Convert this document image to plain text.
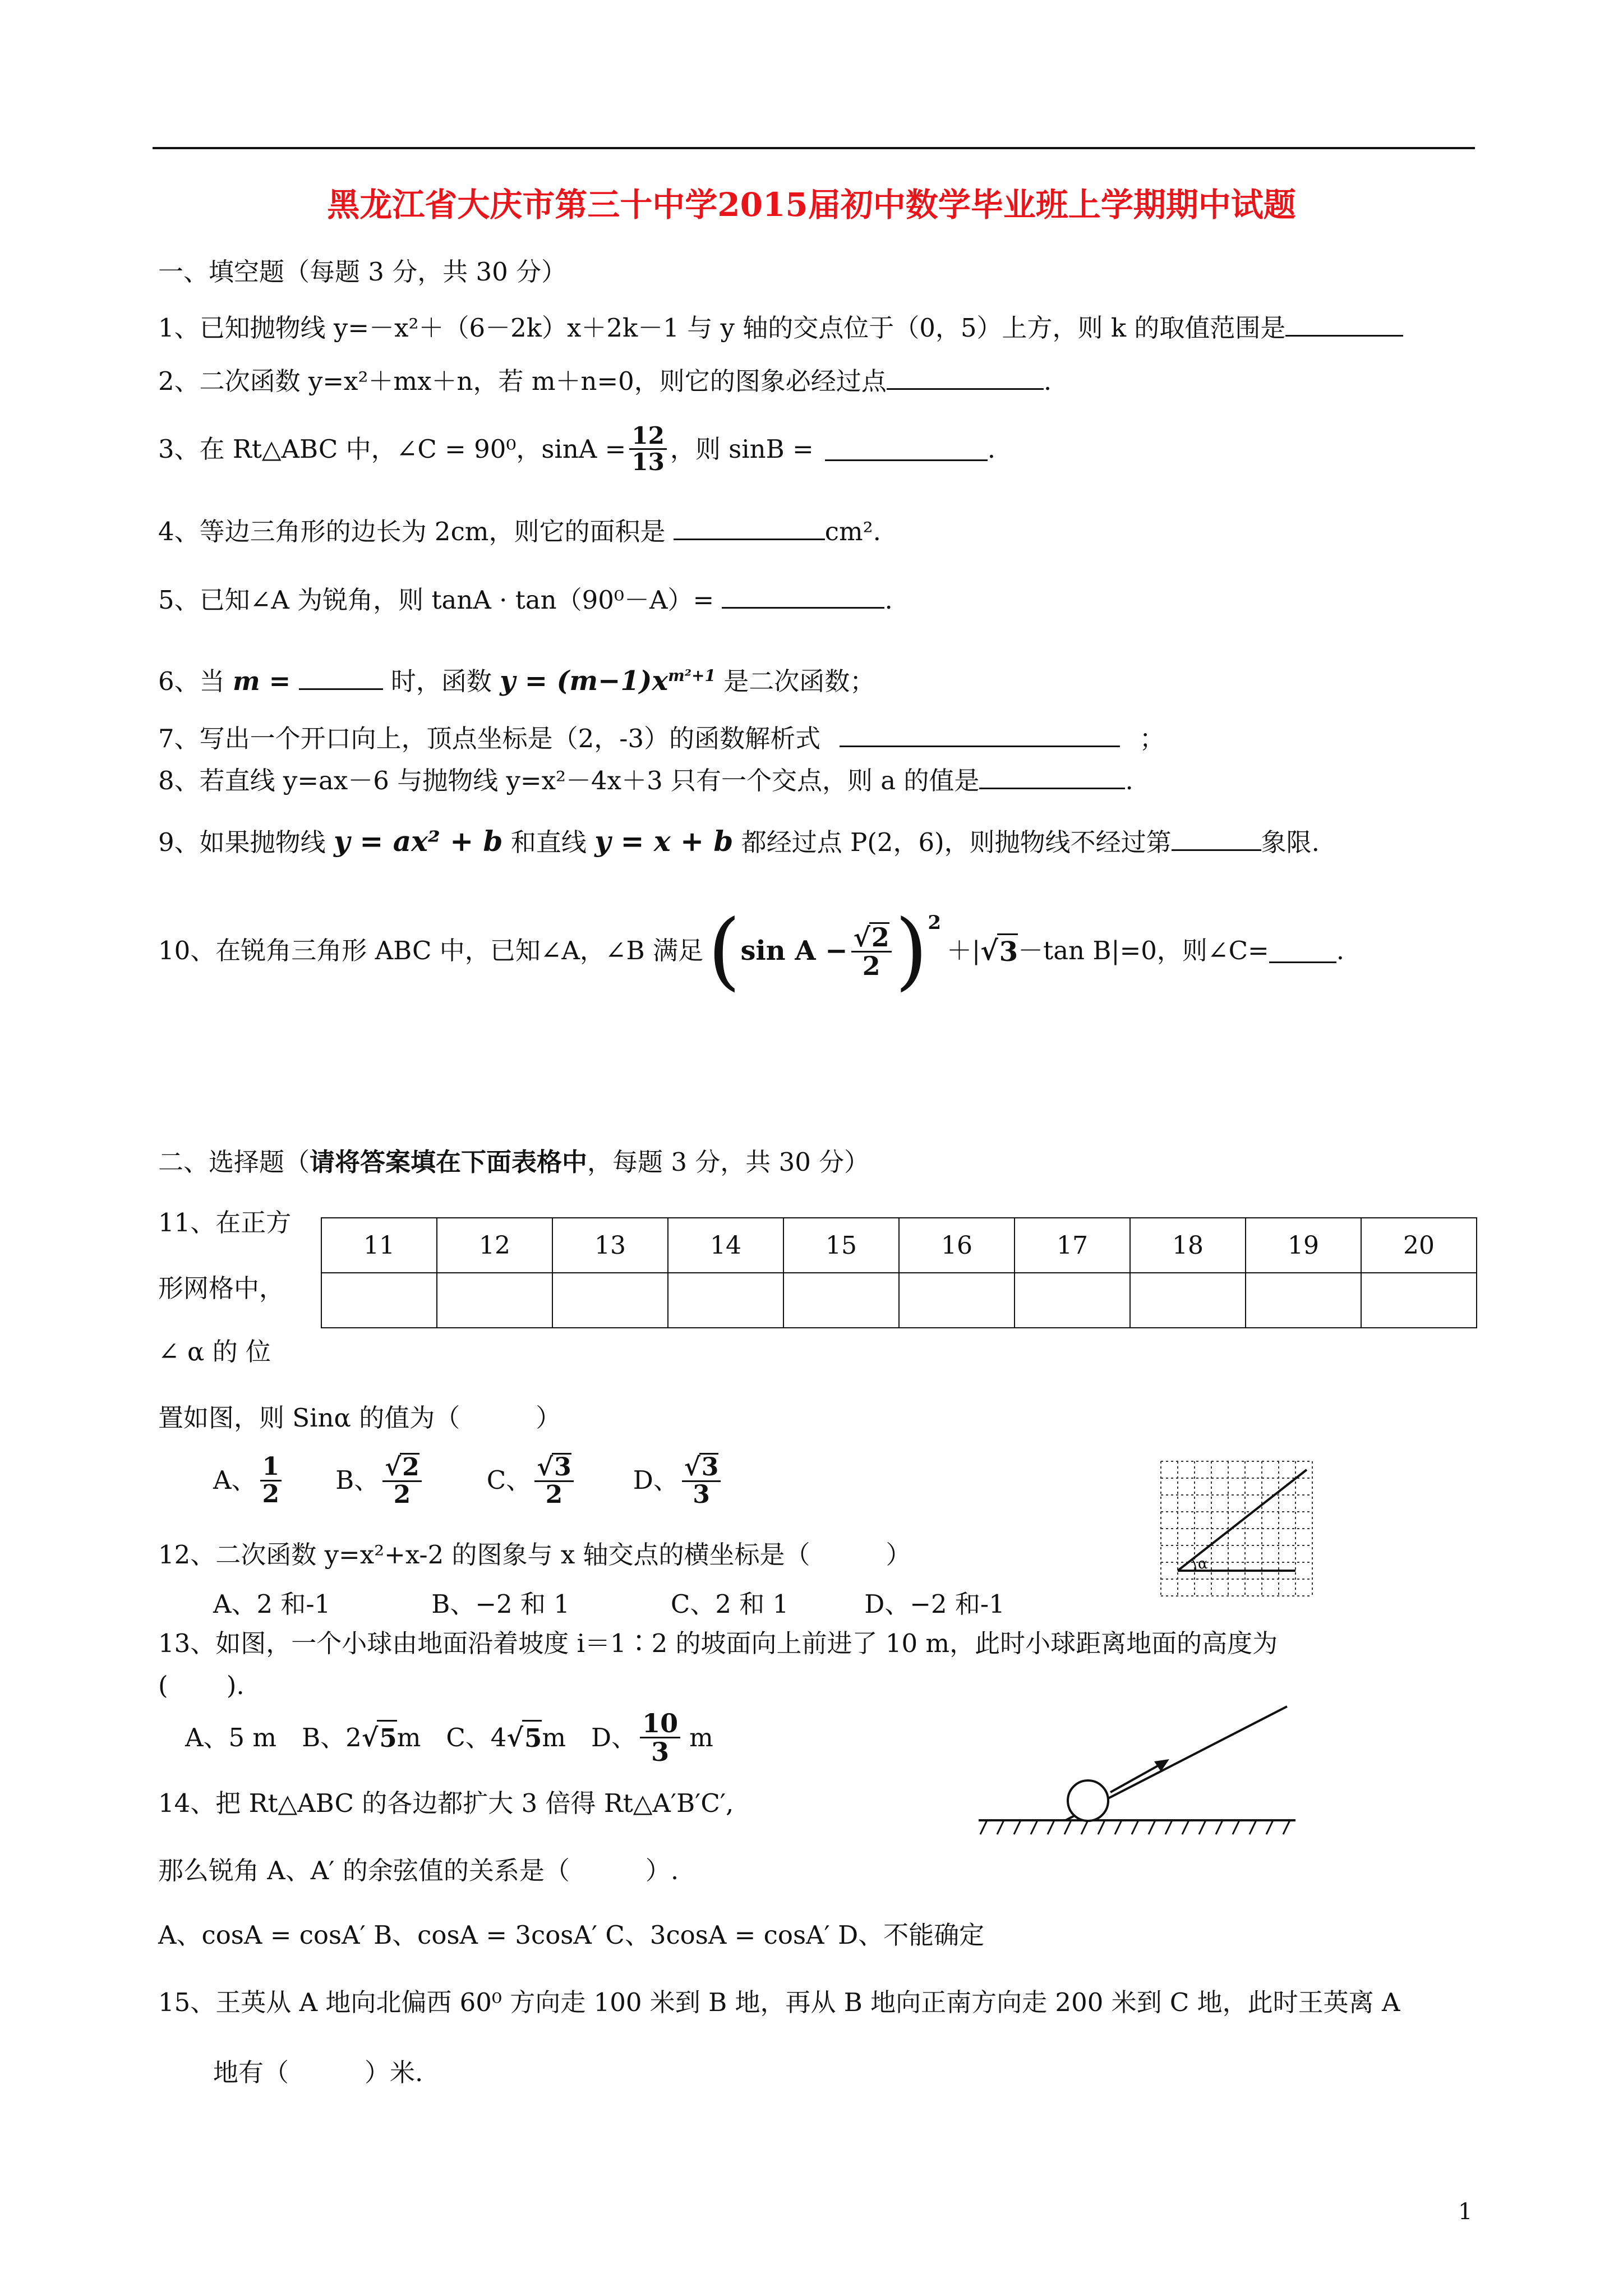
黑龙江省大庆市第三十中学2015届初中数学毕业班上学期期中试题
一、填空题（每题 3 分，共 30 分）
1、已知抛物线 y=－x²＋（6－2k）x＋2k－1 与 y 轴的交点位于（0，5）上方，则 k 的取值范围是
2、二次函数 y=x²＋mx＋n，若 m＋n=0，则它的图象必经过点	.
3、在 Rt△ABC 中，∠C = 90⁰，$\sin A = \frac{12}{13}$ ，则 sinB =	.
4、等边三角形的边长为 2cm，则它的面积是	cm².
5、已知∠A 为锐角，则 tanA · tan（90⁰－A）=	.
6、当 m =	时，函数 $y = (m-1)x^{m^2+1}$ 是二次函数；
7、写出一个开口向上，顶点坐标是（2，-3）的函数解析式	；
8、若直线 y=ax－6 与抛物线 y=x²－4x＋3 只有一个交点，则 a 的值是	.
9、如果抛物线 y = ax² + b 和直线 y = x + b 都经过点 P(2，6)，则抛物线不经过第	象限.
10、在锐角三角形 ABC 中，已知∠A，∠B 满足 ( $\sin A - \frac{√2}{2} )^2$
＋| √ 3 －tan B|=0，则∠C=	.
二、选择题（请将答案填在下面表格中，每题 3 分，共 30 分）
11	12	13	14	15	16	17	18	19	20

11、在正方
形网格中，
∠ α 的 位
置如图，则 Sinα 的值为（　　　）
A、 $\frac{1}{2}$ B、 $\frac{√2}{2}$	C、 $\frac{√3}{2}$ D、 $\frac{√3}{3}$
α
12、二次函数 y=x²+x-2 的图象与 x 轴交点的横坐标是（　　　）
A、2 和-1　　　　B、−2 和 1　　　　C、2 和 1　　　D、−2 和-1
13、如图，一个小球由地面沿着坡度 i＝1∶2 的坡面向上前进了 10 m，此时小球距离地面的高度为
(　　 ).
A、5 m　B、2 √ 5 m　C、4 √ 5 m　D、 $\frac{10}{3}$ m
14、把 Rt△ABC 的各边都扩大 3 倍得 Rt△A′B′C′,
那么锐角 A、A′ 的余弦值的关系是（　　　）.
A、cosA = cosA′ B、cosA = 3cosA′ C、3cosA = cosA′ D、不能确定
15、王英从 A 地向北偏西 60⁰ 方向走 100 米到 B 地，再从 B 地向正南方向走 200 米到 C 地，此时王英离 A
地有（　　　）米.
1
